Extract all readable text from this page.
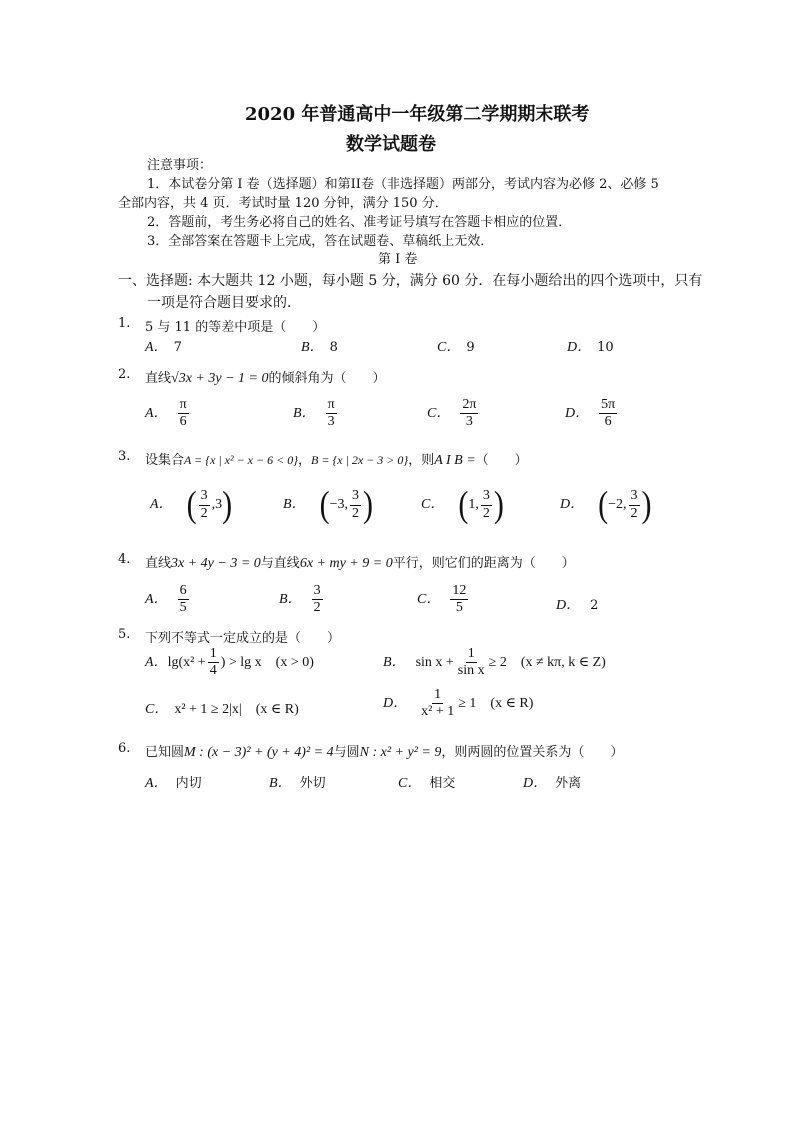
2020 年普通高中一年级第二学期期末联考
数学试题卷
注意事项：
1．本试卷分第 I 卷（选择题）和第II卷（非选择题）两部分，考试内容为必修 2、必修 5
全部内容，共 4 页．考试时量 120 分钟，满分 150 分．
2．答题前，考生务必将自己的姓名、准考证号填写在答题卡相应的位置．
3．全部答案在答题卡上完成，答在试题卷、草稿纸上无效．
第 I 卷
一、选择题: 本大题共 12 小题，每小题 5 分，满分 60 分．在每小题给出的四个选项中，只有
一项是符合题目要求的．
1. 5 与 11 的等差中项是（　　）
A． 7	B． 8	C． 9	D． 10
2. 直线√3x + 3y − 1 = 0的倾斜角为（　　）
A． $\frac{\pi}{6}$	B． $\frac{\pi}{3}$	C． $\frac{2\pi}{3}$	D． $\frac{5\pi}{6}$
3. 设集合A = {x | x² − x − 6 < 0}，B = {x | 2x − 3 > 0}，则A I B =（　　）
A． ( $\frac{3}{2} ,3$)	B． (−3, $\frac{3}{2}$ )	C． (1, $\frac{3}{2}$ )	D． (−2, $\frac{3}{2}$ )
4. 直线3x + 4y − 3 = 0与直线6x + my + 9 = 0平行，则它们的距离为（　　）
A． $\frac{6}{5}$	B． $\frac{3}{2}$	C． $\frac{12}{5}$	D． 2
5. 下列不等式一定成立的是（　　）
A．$\lg(x^2 + \frac{1}{4}$ ) > lg x　(x > 0)	B． $\sin x + \frac{1}{\text{sin x}} \ge 2$　(x ≠ kπ, k ∈ Z)
C． x² + 1 ≥ 2|x|　(x ∈ R)	D． $\frac{1}{\text{x² + 1}} \ge 1$　(x ∈ R)
6. 已知圆M : (x − 3)² + (y + 4)² = 4与圆N : x² + y² = 9，则两圆的位置关系为（　　）
A． 内切	B． 外切	C． 相交	D． 外离
